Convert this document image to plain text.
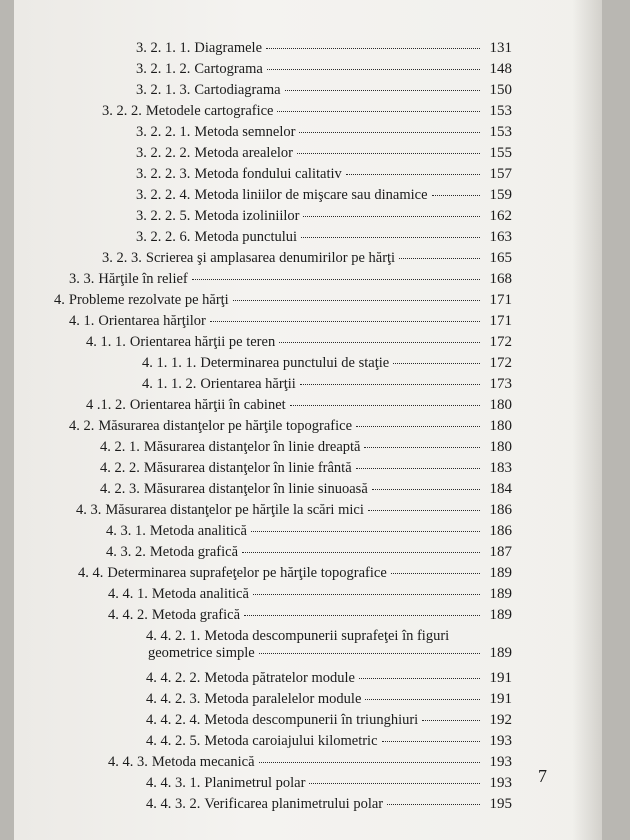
3. 2. 1. 1. Diagramele	131
3. 2. 1. 2. Cartograma	148
3. 2. 1. 3. Cartodiagrama	150
3. 2. 2. Metodele cartografice	153
3. 2. 2. 1. Metoda semnelor	153
3. 2. 2. 2. Metoda arealelor	155
3. 2. 2. 3. Metoda fondului calitativ	157
3. 2. 2. 4. Metoda liniilor de mişcare sau dinamice	159
3. 2. 2. 5. Metoda izoliniilor	162
3. 2. 2. 6. Metoda punctului	163
3. 2. 3. Scrierea şi amplasarea denumirilor pe hărţi	165
3. 3. Hărţile în relief	168
4. Probleme rezolvate pe hărţi	171
4. 1. Orientarea hărţilor	171
4. 1. 1. Orientarea hărţii pe teren	172
4. 1. 1. 1. Determinarea punctului de staţie	172
4. 1. 1. 2. Orientarea hărţii	173
4 .1. 2. Orientarea hărţii în cabinet	180
4. 2. Măsurarea distanţelor pe hărţile topografice	180
4. 2. 1. Măsurarea distanţelor în linie dreaptă	180
4. 2. 2. Măsurarea distanţelor în linie frântă	183
4. 2. 3. Măsurarea distanţelor în linie sinuoasă	184
4. 3. Măsurarea distanţelor pe hărţile la scări mici	186
4. 3. 1. Metoda analitică	186
4. 3. 2. Metoda grafică	187
4. 4. Determinarea suprafeţelor pe hărţile topografice	189
4. 4. 1. Metoda analitică	189
4. 4. 2. Metoda grafică	189
4. 4. 2. 1. Metoda descompunerii suprafeţei în figuri
geometrice simple	189
4. 4. 2. 2. Metoda pătratelor module	191
4. 4. 2. 3. Metoda paralelelor module	191
4. 4. 2. 4. Metoda descompunerii în triunghiuri	192
4. 4. 2. 5. Metoda caroiajului kilometric	193
4. 4. 3. Metoda mecanică	193
4. 4. 3. 1. Planimetrul polar	193
4. 4. 3. 2. Verificarea planimetrului polar	195
7
